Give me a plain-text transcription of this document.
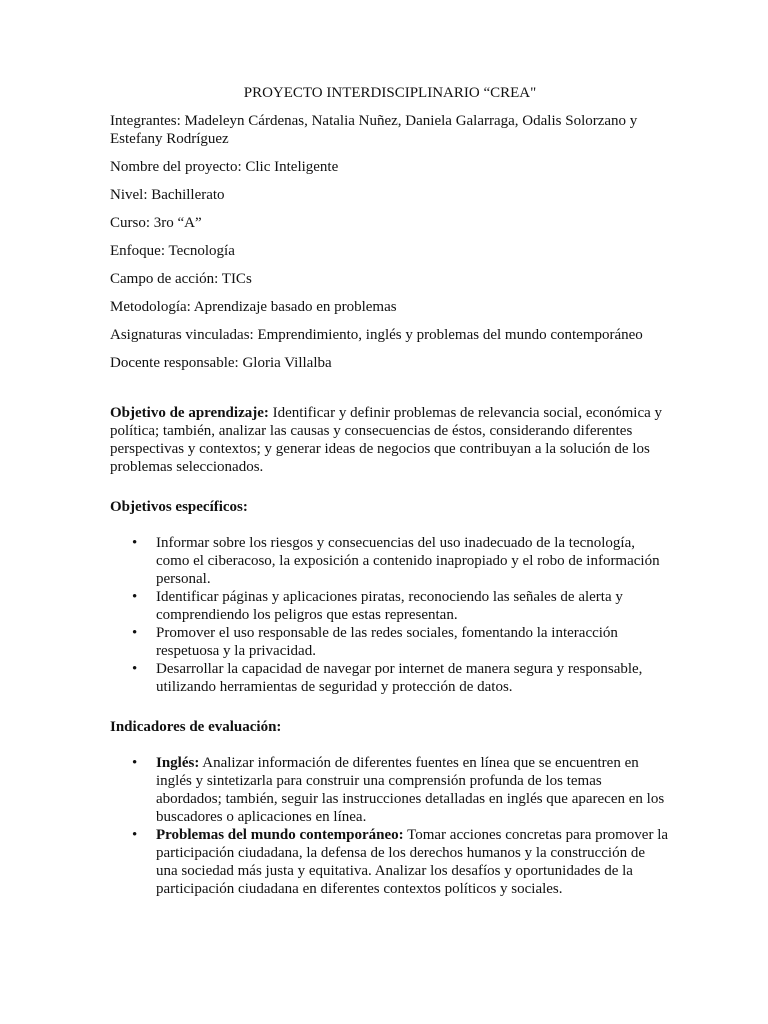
PROYECTO INTERDISCIPLINARIO “CREA"
Integrantes: Madeleyn Cárdenas, Natalia Nuñez, Daniela Galarraga, Odalis Solorzano y Estefany Rodríguez
Nombre del proyecto: Clic Inteligente
Nivel: Bachillerato
Curso: 3ro “A”
Enfoque: Tecnología
Campo de acción: TICs
Metodología: Aprendizaje basado en problemas
Asignaturas vinculadas: Emprendimiento, inglés y problemas del mundo contemporáneo
Docente responsable: Gloria Villalba

Objetivo de aprendizaje: Identificar y definir problemas de relevancia social, económica y política; también, analizar las causas y consecuencias de éstos, considerando diferentes perspectivas y contextos; y generar ideas de negocios que contribuyan a la solución de los problemas seleccionados.

Objetivos específicos:
• Informar sobre los riesgos y consecuencias del uso inadecuado de la tecnología, como el ciberacoso, la exposición a contenido inapropiado y el robo de información personal.
• Identificar páginas y aplicaciones piratas, reconociendo las señales de alerta y comprendiendo los peligros que estas representan.
• Promover el uso responsable de las redes sociales, fomentando la interacción respetuosa y la privacidad.
• Desarrollar la capacidad de navegar por internet de manera segura y responsable, utilizando herramientas de seguridad y protección de datos.
Indicadores de evaluación:
• Inglés: Analizar información de diferentes fuentes en línea que se encuentren en inglés y sintetizarla para construir una comprensión profunda de los temas abordados; también, seguir las instrucciones detalladas en inglés que aparecen en los buscadores o aplicaciones en línea.
• Problemas del mundo contemporáneo: Tomar acciones concretas para promover la participación ciudadana, la defensa de los derechos humanos y la construcción de una sociedad más justa y equitativa. Analizar los desafíos y oportunidades de la participación ciudadana en diferentes contextos políticos y sociales.
